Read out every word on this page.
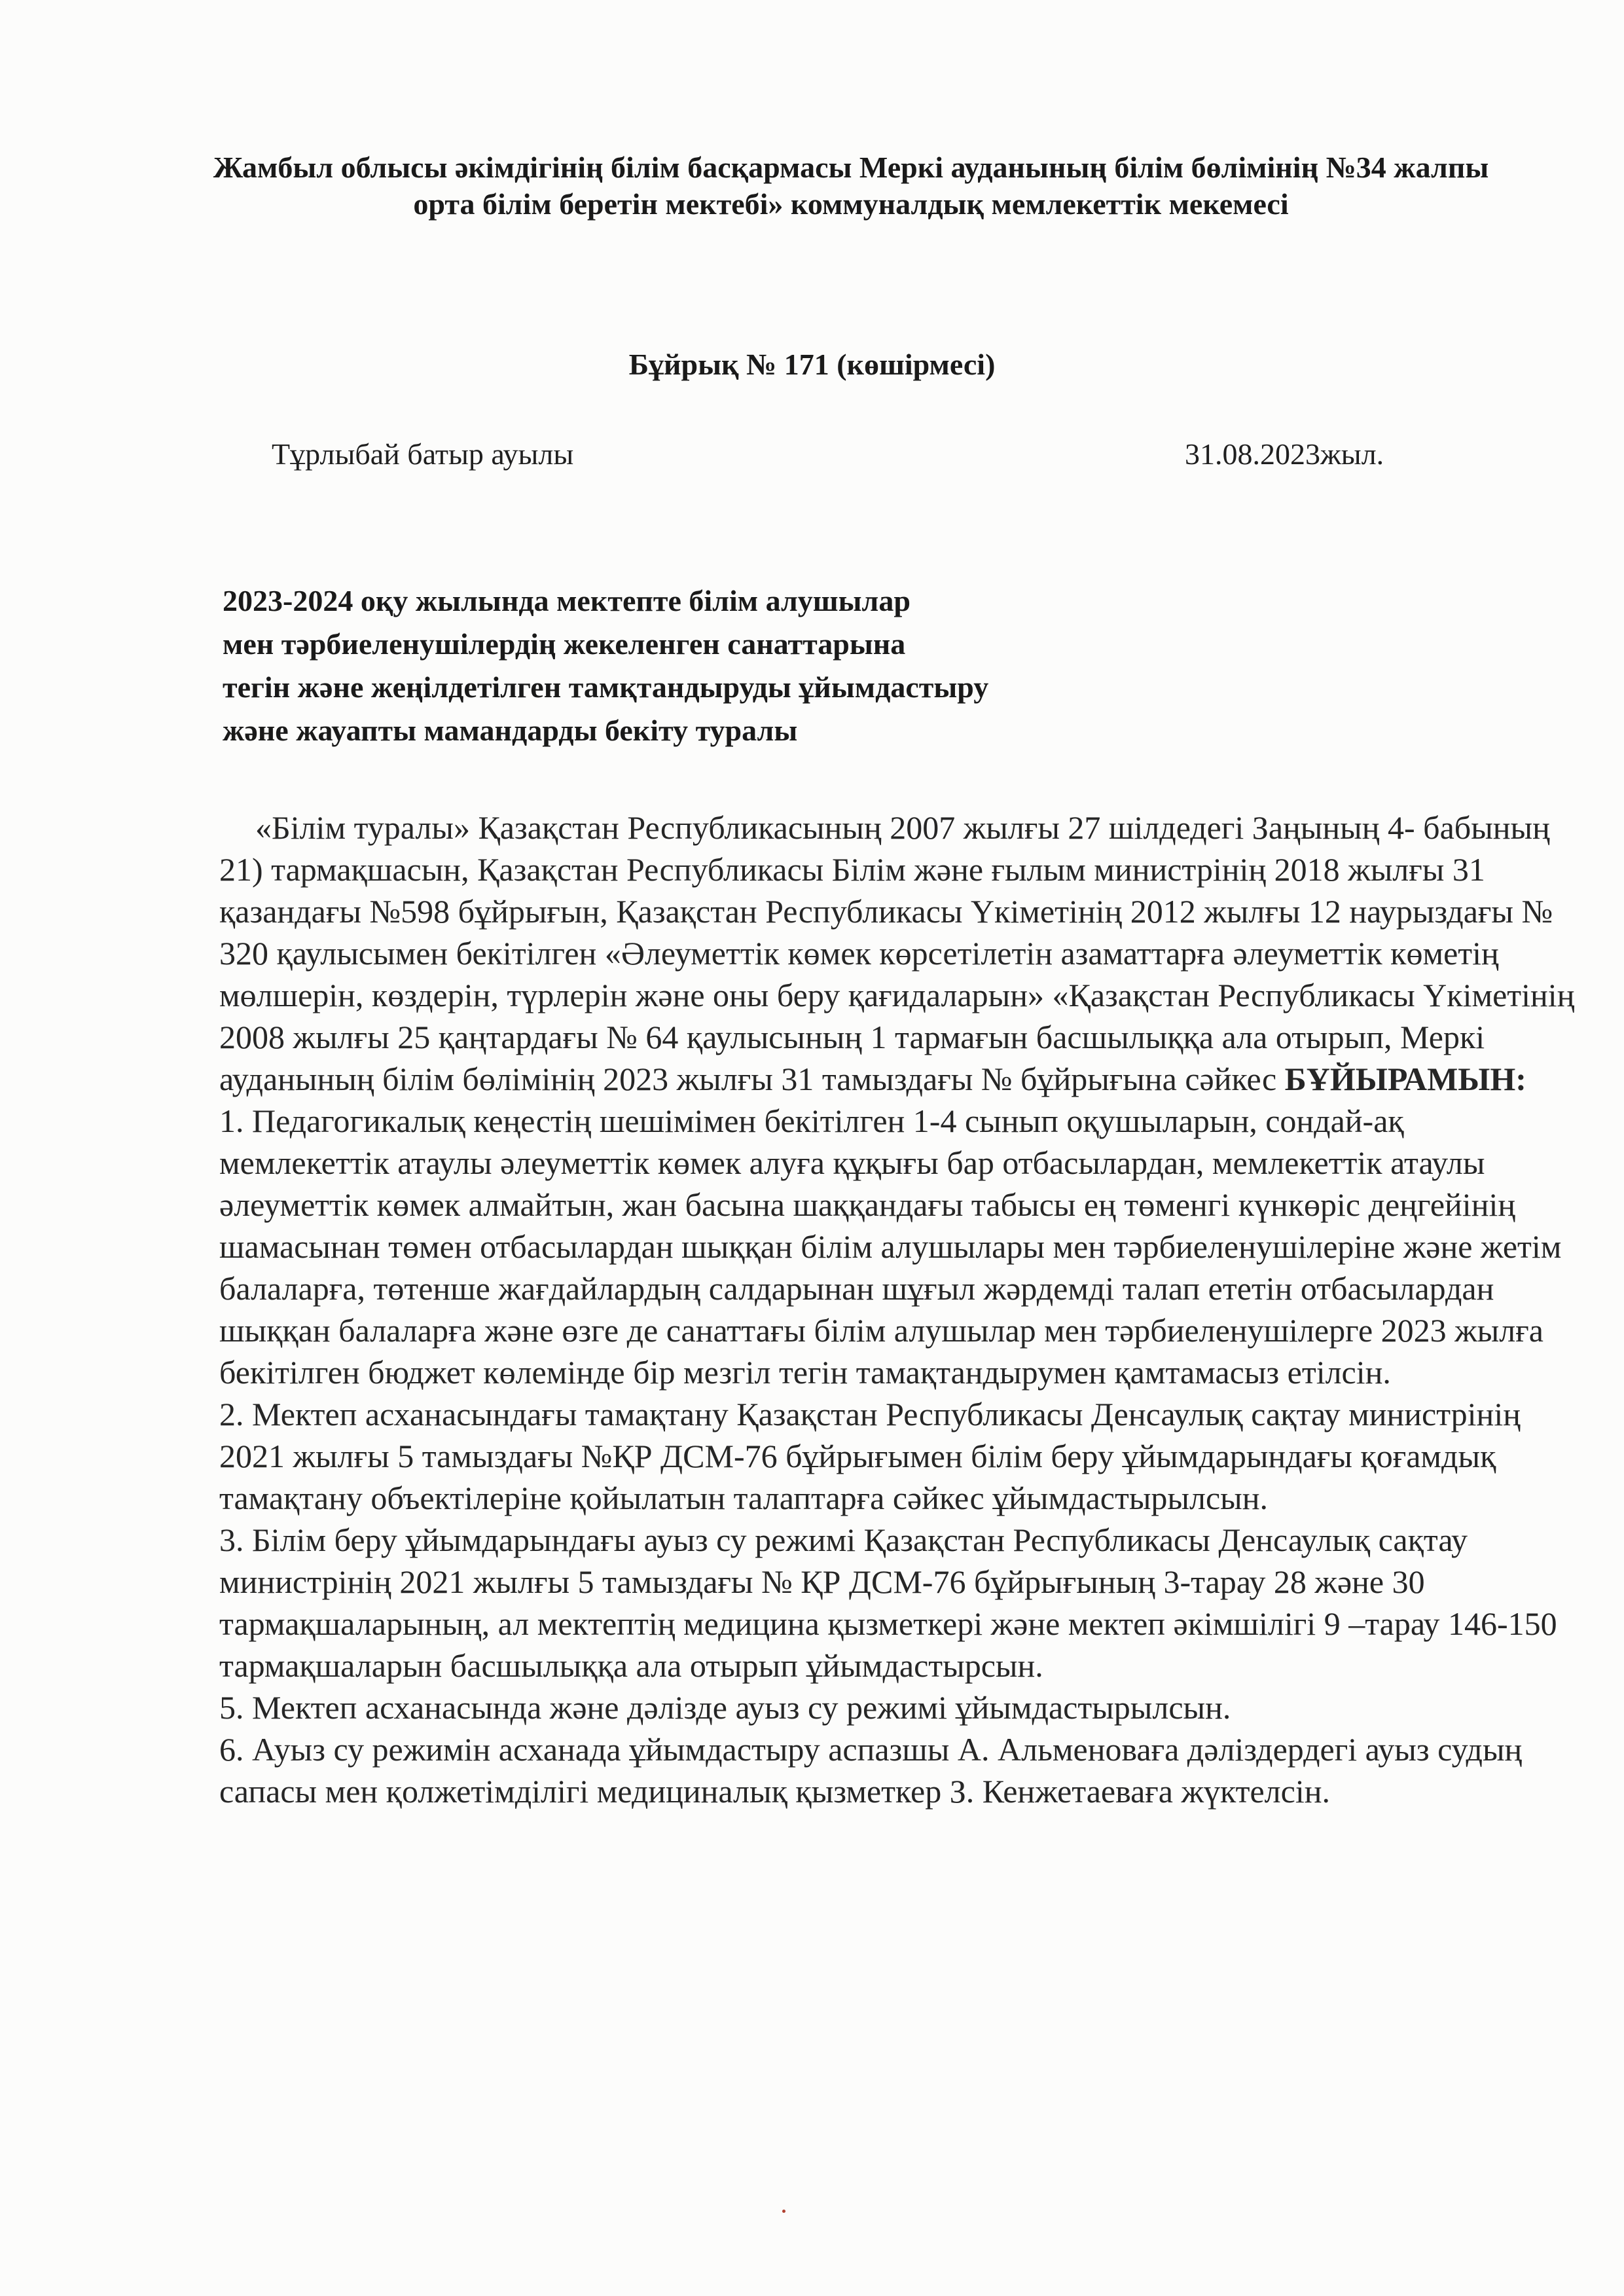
Жамбыл облысы әкімдігінің білім басқармасы Меркі ауданының білім бөлімінің №34 жалпы орта білім беретін мектебі» коммуналдық мемлекеттік мекемесі
Бұйрық № 171 (көшірмесі)
Тұрлыбай батыр ауылы	31.08.2023жыл.
2023-2024 оқу жылында мектепте білім алушылар
мен тәрбиеленушілердің жекеленген санаттарына
тегін және жеңілдетілген тамқтандыруды ұйымдастыру
және жауапты мамандарды бекіту туралы

«Білім туралы» Қазақстан Республикасының 2007 жылғы 27 шілдедегі Заңының 4- бабының 21) тармақшасын, Қазақстан Республикасы Білім және ғылым министрінің 2018 жылғы 31 қазандағы №598 бұйрығын, Қазақстан Республикасы Үкіметінің 2012 жылғы 12 наурыздағы № 320 қаулысымен бекітілген «Әлеуметтік көмек көрсетілетін азаматтарға әлеуметтік көметің мөлшерін, көздерін, түрлерін және оны беру қағидаларын» «Қазақстан Республикасы Үкіметінің 2008 жылғы 25 қаңтардағы № 64 қаулысының 1 тармағын басшылыққа ала отырып, Меркі ауданының білім бөлімінің 2023 жылғы 31 тамыздағы № бұйрығына сәйкес БҰЙЫРАМЫН:

1. Педагогикалық кеңестің шешімімен бекітілген 1-4 сынып оқушыларын, сондай-ақ мемлекеттік атаулы әлеуметтік көмек алуға құқығы бар отбасылардан, мемлекеттік атаулы әлеуметтік көмек алмайтын, жан басына шаққандағы табысы ең төменгі күнкөріс деңгейінің шамасынан төмен отбасылардан шыққан білім алушылары мен тәрбиеленушілеріне және жетім балаларға, төтенше жағдайлардың салдарынан шұғыл жәрдемді талап ететін отбасылардан шыққан балаларға және өзге де санаттағы білім алушылар мен тәрбиеленушілерге 2023 жылға бекітілген бюджет көлемінде бір мезгіл тегін тамақтандырумен қамтамасыз етілсін.

2. Мектеп асханасындағы тамақтану Қазақстан Республикасы Денсаулық сақтау министрінің 2021 жылғы 5 тамыздағы №ҚР ДСМ-76 бұйрығымен білім беру ұйымдарындағы қоғамдық тамақтану объектілеріне қойылатын талаптарға сәйкес ұйымдастырылсын.

3. Білім беру ұйымдарындағы ауыз су режимі Қазақстан Республикасы Денсаулық сақтау министрінің 2021 жылғы 5 тамыздағы № ҚР ДСМ-76 бұйрығының 3-тарау 28 және 30 тармақшаларының, ал мектептің медицина қызметкері және мектеп әкімшілігі 9 –тарау 146-150 тармақшаларын басшылыққа ала отырып ұйымдастырсын.

5. Мектеп асханасында және дәлізде ауыз су режимі ұйымдастырылсын.

6. Ауыз су режимін асханада ұйымдастыру аспазшы А. Альменоваға дәліздердегі ауыз судың сапасы мен қолжетімділігі медициналық қызметкер З. Кенжетаеваға жүктелсін.
